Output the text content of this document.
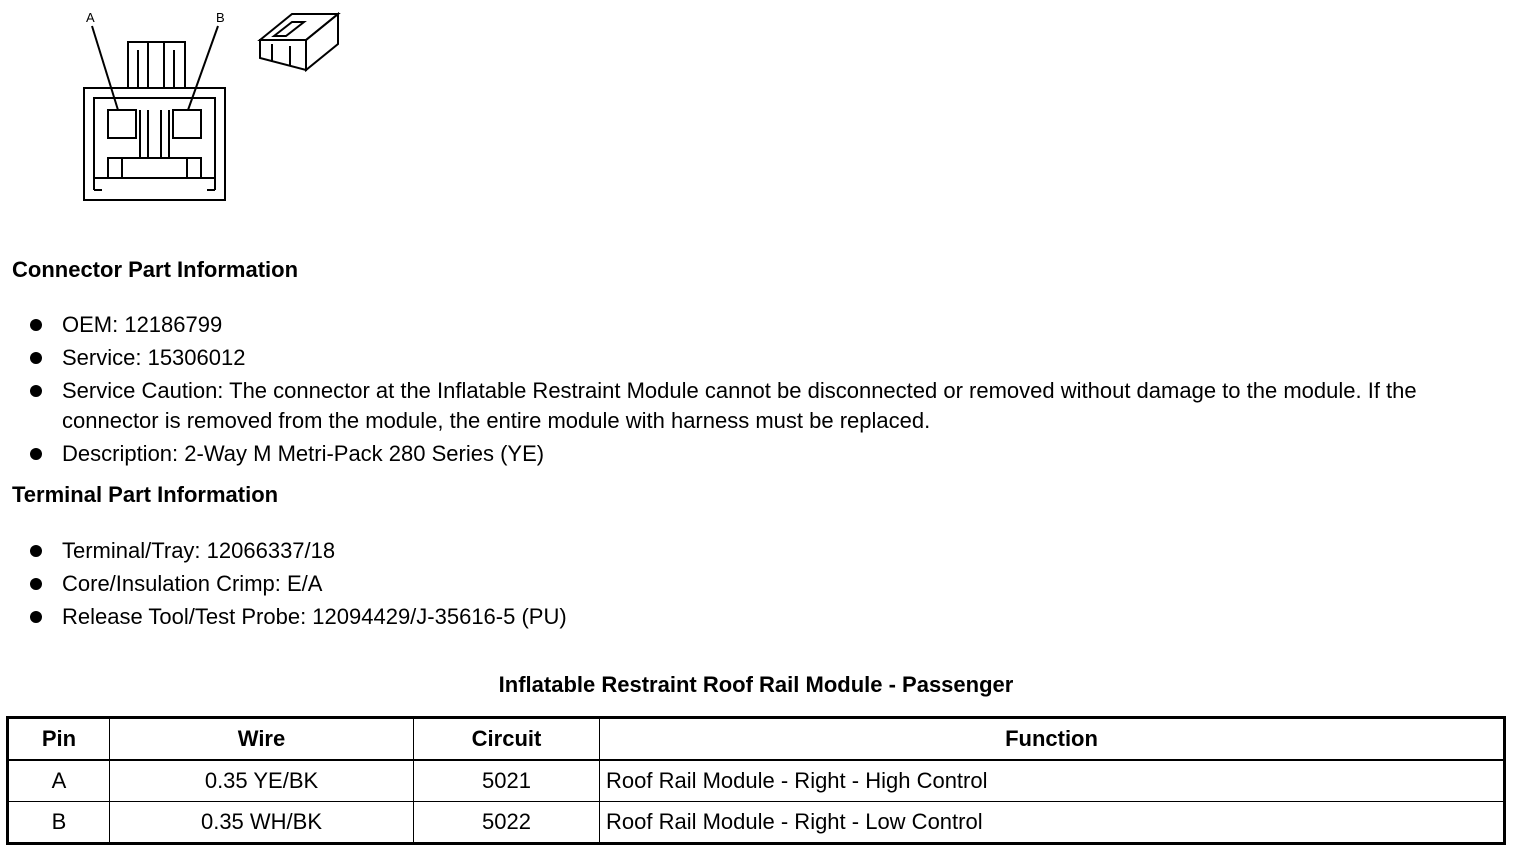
A	B
Connector Part Information
OEM: 12186799
Service: 15306012
Service Caution: The connector at the Inflatable Restraint Module cannot be disconnected or removed without damage to the module. If the connector is removed from the module, the entire module with harness must be replaced.
Description: 2-Way M Metri-Pack 280 Series (YE)
Terminal Part Information
Terminal/Tray: 12066337/18
Core/Insulation Crimp: E/A
Release Tool/Test Probe: 12094429/J-35616-5 (PU)
Inflatable Restraint Roof Rail Module - Passenger
Pin	Wire	Circuit	Function
A	0.35 YE/BK	5021	Roof Rail Module - Right - High Control
B	0.35 WH/BK	5022	Roof Rail Module - Right - Low Control
